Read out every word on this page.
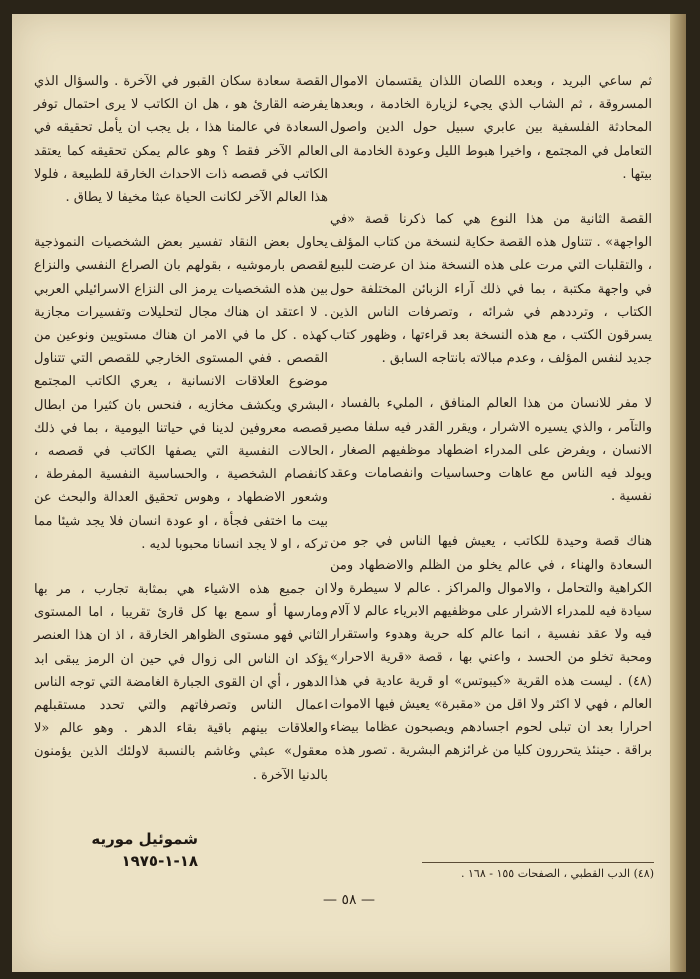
ثم ساعي البريد ، وبعده اللصان اللذان يقتسمان الاموال المسروقة ، ثم الشاب الذي يجيء لزيارة الخادمة ، وبعدها المحادثة الفلسفية بين عابري سبيل حول الدين واصول التعامل في المجتمع ، واخيرا هبوط الليل وعودة الخادمة الى بيتها .

القصة الثانية من هذا النوع هي كما ذكرنا قصة «في الواجهة» . تتناول هذه القصة حكاية لنسخة من كتاب المؤلف ، والتقلبات التي مرت على هذه النسخة منذ ان عرضت للبيع في واجهة مكتبة ، بما في ذلك آراء الزبائن المختلفة حول الكتاب ، وترددهم في شرائه ، وتصرفات الناس الذين يسرقون الكتب ، مع هذه النسخة بعد قراءتها ، وظهور كتاب جديد لنفس المؤلف ، وعدم مبالاته بانتاجه السابق .

لا مفر للانسان من هذا العالم المنافق ، المليء بالفساد ، والتآمر ، والذي يسيره الاشرار ، ويقرر القدر فيه سلفا مصير الانسان ، ويفرض على المدراء اضطهاد موظفيهم الصغار ، ويولد فيه الناس مع عاهات وحساسيات وانفصامات وعقد نفسية .

هناك قصة وحيدة للكاتب ، يعيش فيها الناس في جو من السعادة والهناء ، في عالم يخلو من الظلم والاضطهاد ومن الكراهية والتحامل ، والاموال والمراكز . عالم لا سيطرة ولا سيادة فيه للمدراء الاشرار على موظفيهم الابرياء عالم لا آلام فيه ولا عقد نفسية ، انما عالم كله حرية وهدوء واستقرار ومحبة تخلو من الحسد ، واعني بها ، قصة «قرية الاحرار» (٤٨) . ليست هذه القرية «كيبوتس» او قرية عادية في هذا العالم ، فهي لا اكثر ولا اقل من «مقبرة» يعيش فيها الاموات احرارا بعد ان تبلى لحوم اجسادهم ويصبحون عظاما بيضاء براقة . حينئذ يتحررون كليا من غرائزهم البشرية . تصور هذه

القصة سعادة سكان القبور في الآخرة . والسؤال الذي يفرضه القارئ هو ، هل ان الكاتب لا يرى احتمال توفر السعادة في عالمنا هذا ، بل يجب ان يأمل تحقيقه في العالم الآخر فقط ؟ وهو عالم يمكن تحقيقه كما يعتقد الكاتب في قصصه ذات الاحداث الخارقة للطبيعة ، فلولا هذا العالم الآخر لكانت الحياة عبثا مخيفا لا يطاق .

يحاول بعض النقاد تفسير بعض الشخصيات النموذجية لقصص بارموشيه ، بقولهم بان الصراع النفسي والنزاع بين هذه الشخصيات يرمز الى النزاع الاسرائيلي العربي . لا اعتقد ان هناك مجال لتحليلات وتفسيرات مجازية كهذه . كل ما في الامر ان هناك مستويين ونوعين من القصص . ففي المستوى الخارجي للقصص التي تتناول موضوع العلاقات الانسانية ، يعري الكاتب المجتمع البشري ويكشف مخازيه ، فنحس بان كثيرا من ابطال قصصه معروفين لدينا في حياتنا اليومية ، بما في ذلك الحالات النفسية التي يصفها الكاتب في قصصه ، كانفصام الشخصية ، والحساسية النفسية المفرطة ، وشعور الاضطهاد ، وهوس تحقيق العدالة والبحث عن بيت ما اختفى فجأة ، او عودة انسان فلا يجد شيئا مما تركه ، او لا يجد انسانا محبوبا لديه .

ان جميع هذه الاشياء هي بمثابة تجارب ، مر بها ومارسها أو سمع بها كل قارئ تقريبا ، اما المستوى الثاني فهو مستوى الظواهر الخارقة ، اذ ان هذا العنصر يؤكد ان الناس الى زوال في حين ان الرمز يبقى ابد الدهور ، أي ان القوى الجبارة الغامضة التي توجه الناس اعمال الناس وتصرفاتهم والتي تحدد مستقبلهم والعلاقات بينهم باقية بقاء الدهر . وهو عالم «لا معقول» عبثي وغاشم بالنسبة لاولئك الذين يؤمنون بالدنيا الآخرة .

شموئيل موريه
١٨-١-١٩٧٥
(٤٨) الدب القطبي ، الصفحات ١٥٥ - ١٦٨ .
— ٥٨ —
